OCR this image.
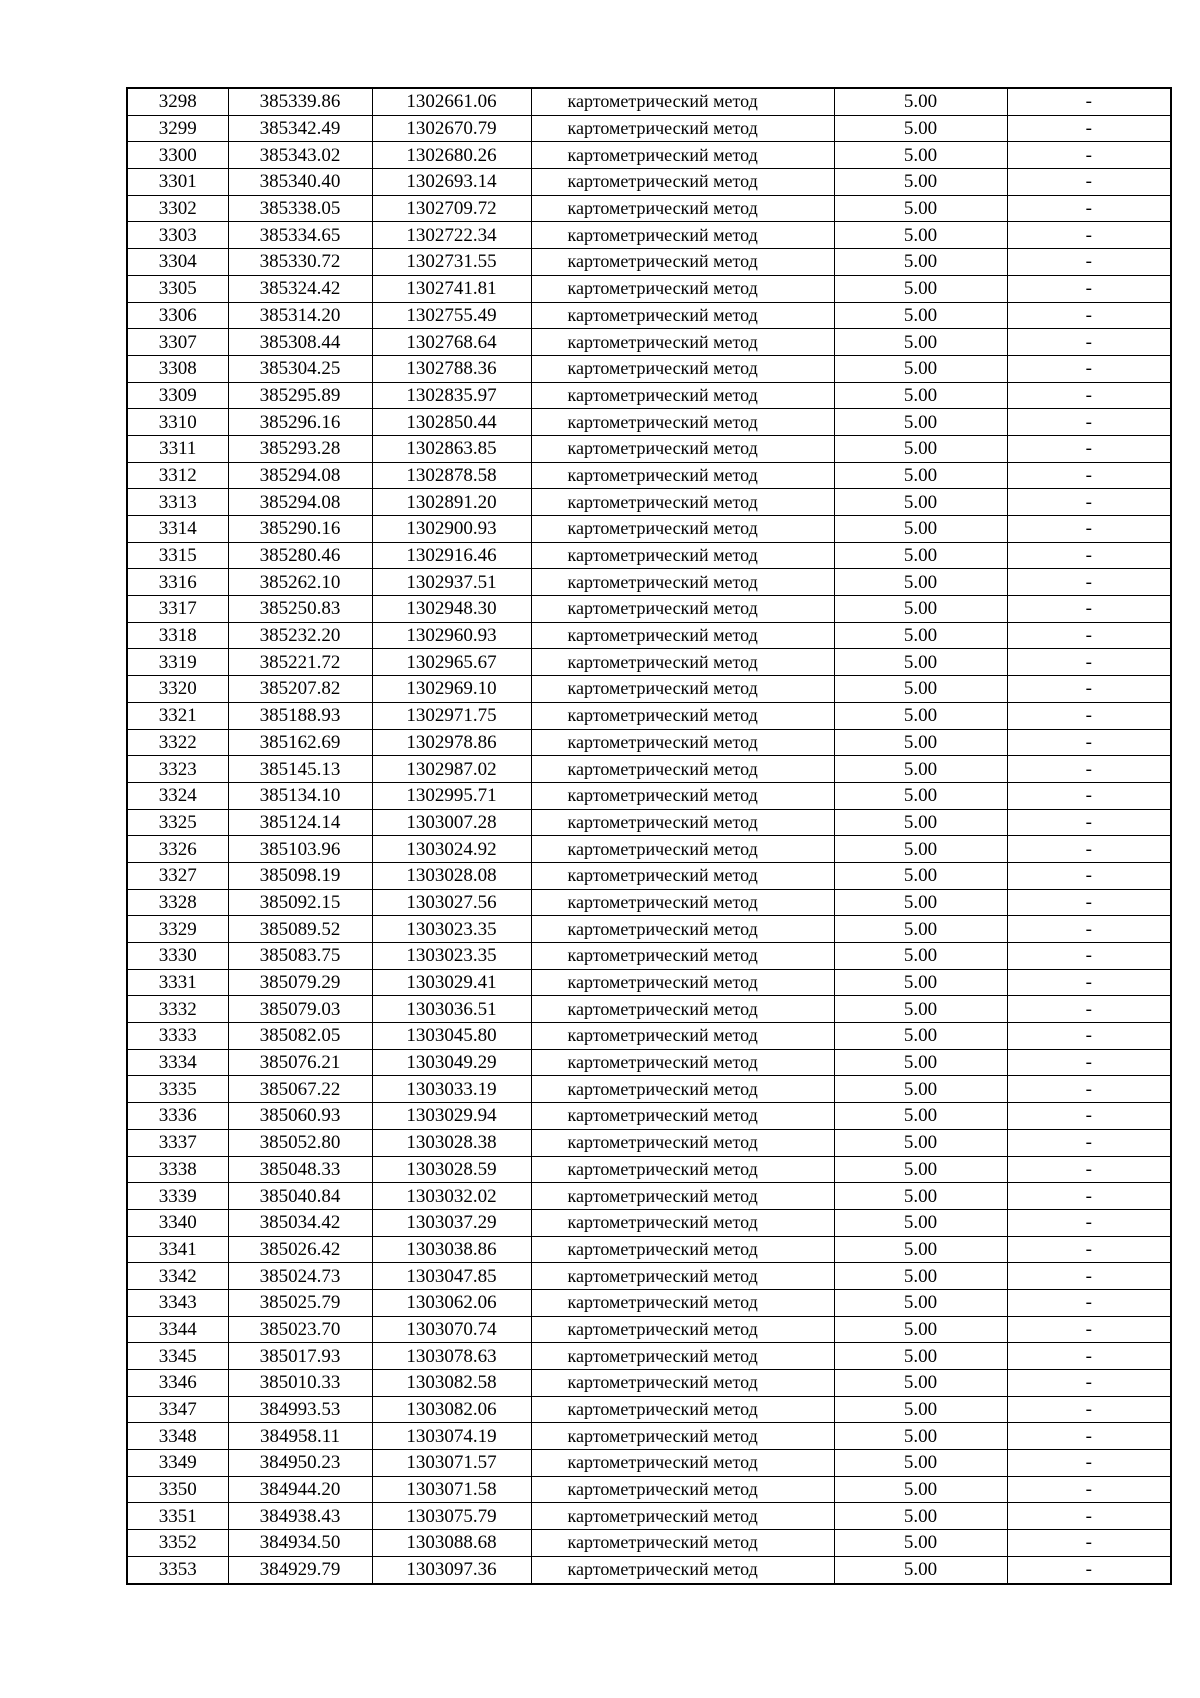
3298	385339.86	1302661.06	картометрический метод	5.00	-
3299	385342.49	1302670.79	картометрический метод	5.00	-
3300	385343.02	1302680.26	картометрический метод	5.00	-
3301	385340.40	1302693.14	картометрический метод	5.00	-
3302	385338.05	1302709.72	картометрический метод	5.00	-
3303	385334.65	1302722.34	картометрический метод	5.00	-
3304	385330.72	1302731.55	картометрический метод	5.00	-
3305	385324.42	1302741.81	картометрический метод	5.00	-
3306	385314.20	1302755.49	картометрический метод	5.00	-
3307	385308.44	1302768.64	картометрический метод	5.00	-
3308	385304.25	1302788.36	картометрический метод	5.00	-
3309	385295.89	1302835.97	картометрический метод	5.00	-
3310	385296.16	1302850.44	картометрический метод	5.00	-
3311	385293.28	1302863.85	картометрический метод	5.00	-
3312	385294.08	1302878.58	картометрический метод	5.00	-
3313	385294.08	1302891.20	картометрический метод	5.00	-
3314	385290.16	1302900.93	картометрический метод	5.00	-
3315	385280.46	1302916.46	картометрический метод	5.00	-
3316	385262.10	1302937.51	картометрический метод	5.00	-
3317	385250.83	1302948.30	картометрический метод	5.00	-
3318	385232.20	1302960.93	картометрический метод	5.00	-
3319	385221.72	1302965.67	картометрический метод	5.00	-
3320	385207.82	1302969.10	картометрический метод	5.00	-
3321	385188.93	1302971.75	картометрический метод	5.00	-
3322	385162.69	1302978.86	картометрический метод	5.00	-
3323	385145.13	1302987.02	картометрический метод	5.00	-
3324	385134.10	1302995.71	картометрический метод	5.00	-
3325	385124.14	1303007.28	картометрический метод	5.00	-
3326	385103.96	1303024.92	картометрический метод	5.00	-
3327	385098.19	1303028.08	картометрический метод	5.00	-
3328	385092.15	1303027.56	картометрический метод	5.00	-
3329	385089.52	1303023.35	картометрический метод	5.00	-
3330	385083.75	1303023.35	картометрический метод	5.00	-
3331	385079.29	1303029.41	картометрический метод	5.00	-
3332	385079.03	1303036.51	картометрический метод	5.00	-
3333	385082.05	1303045.80	картометрический метод	5.00	-
3334	385076.21	1303049.29	картометрический метод	5.00	-
3335	385067.22	1303033.19	картометрический метод	5.00	-
3336	385060.93	1303029.94	картометрический метод	5.00	-
3337	385052.80	1303028.38	картометрический метод	5.00	-
3338	385048.33	1303028.59	картометрический метод	5.00	-
3339	385040.84	1303032.02	картометрический метод	5.00	-
3340	385034.42	1303037.29	картометрический метод	5.00	-
3341	385026.42	1303038.86	картометрический метод	5.00	-
3342	385024.73	1303047.85	картометрический метод	5.00	-
3343	385025.79	1303062.06	картометрический метод	5.00	-
3344	385023.70	1303070.74	картометрический метод	5.00	-
3345	385017.93	1303078.63	картометрический метод	5.00	-
3346	385010.33	1303082.58	картометрический метод	5.00	-
3347	384993.53	1303082.06	картометрический метод	5.00	-
3348	384958.11	1303074.19	картометрический метод	5.00	-
3349	384950.23	1303071.57	картометрический метод	5.00	-
3350	384944.20	1303071.58	картометрический метод	5.00	-
3351	384938.43	1303075.79	картометрический метод	5.00	-
3352	384934.50	1303088.68	картометрический метод	5.00	-
3353	384929.79	1303097.36	картометрический метод	5.00	-
